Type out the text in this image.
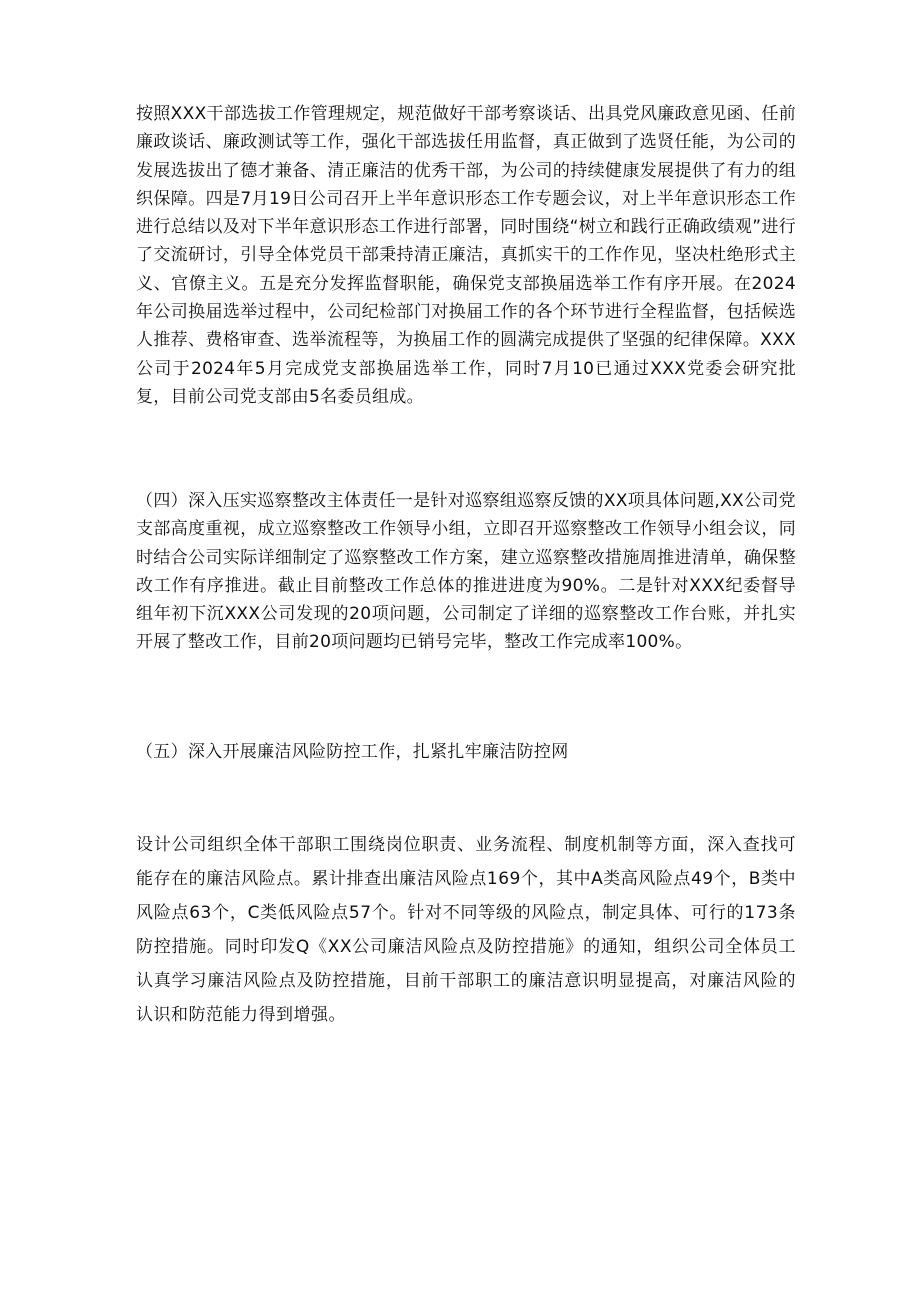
按照XXX干部选拔工作管理规定，规范做好干部考察谈话、出具党风廉政意见函、任前廉政谈话、廉政测试等工作，强化干部选拔任用监督，真正做到了选贤任能，为公司的发展选拔出了德才兼备、清正廉洁的优秀干部，为公司的持续健康发展提供了有力的组织保障。四是7月19日公司召开上半年意识形态工作专题会议，对上半年意识形态工作进行总结以及对下半年意识形态工作进行部署，同时围绕“树立和践行正确政绩观”进行了交流研讨，引导全体党员干部秉持清正廉洁，真抓实干的工作作见，坚决杜绝形式主义、官僚主义。五是充分发挥监督职能，确保党支部换届选举工作有序开展。在2024年公司换届选举过程中，公司纪检部门对换届工作的各个环节进行全程监督，包括候选人推荐、费格审查、选举流程等，为换届工作的圆满完成提供了坚强的纪律保障。XXX公司于2024年5月完成党支部换届选举工作，同时7月10已通过XXX党委会研究批复，目前公司党支部由5名委员组成。

（四）深入压实巡察整改主体责任一是针对巡察组巡察反馈的XX项具体问题,XX公司党支部高度重视，成立巡察整改工作领导小组，立即召开巡察整改工作领导小组会议，同时结合公司实际详细制定了巡察整改工作方案，建立巡察整改措施周推进清单，确保整改工作有序推进。截止目前整改工作总体的推进进度为90%。二是针对XXX纪委督导组年初下沉XXX公司发现的20项问题，公司制定了详细的巡察整改工作台账，并扎实开展了整改工作，目前20项问题均已销号完毕，整改工作完成率100%。

（五）深入开展廉洁风险防控工作，扎紧扎牢廉洁防控网

设计公司组织全体干部职工围绕岗位职责、业务流程、制度机制等方面，深入查找可能存在的廉洁风险点。累计排查出廉洁风险点169个，其中A类高风险点49个，B类中风险点63个，C类低风险点57个。针对不同等级的风险点，制定具体、可行的173条防控措施。同时印发Q《XX公司廉洁风险点及防控措施》的通知，组织公司全体员工认真学习廉洁风险点及防控措施，目前干部职工的廉洁意识明显提高，对廉洁风险的认识和防范能力得到增强。
